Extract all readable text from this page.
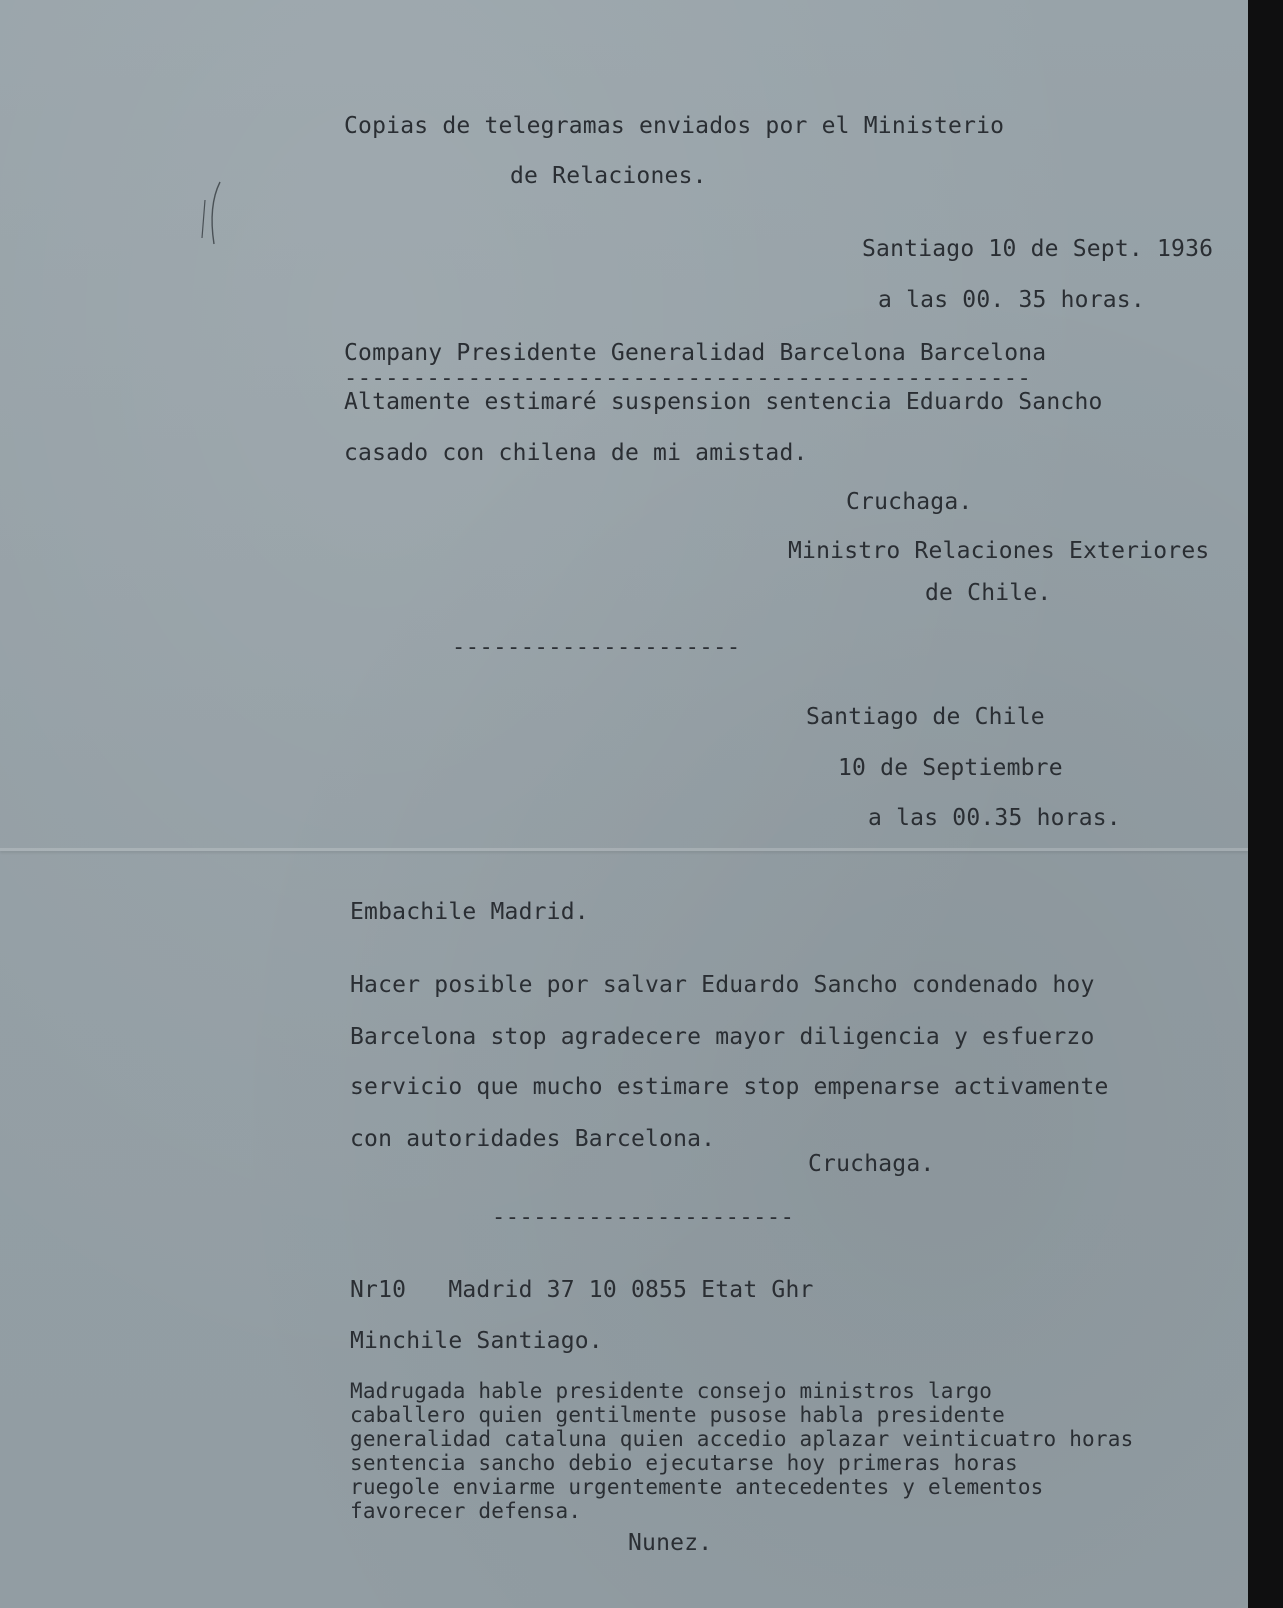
Copias de telegramas enviados por el Ministerio
de Relaciones.
Santiago 10 de Sept. 1936
a las 00. 35 horas.
Company Presidente Generalidad Barcelona Barcelona
--------------------------------------------------
Altamente estimaré suspension sentencia Eduardo Sancho
casado con chilena de mi amistad.
Cruchaga.
Ministro Relaciones Exteriores
de Chile.
---------------------
Santiago de Chile
10 de Septiembre
a las 00.35 horas.
Embachile Madrid.
Hacer posible por salvar Eduardo Sancho condenado hoy
Barcelona stop agradecere mayor diligencia y esfuerzo
servicio que mucho estimare stop empenarse activamente
con autoridades Barcelona.
Cruchaga.
----------------------
Nr10   Madrid 37 10 0855 Etat Ghr
Minchile Santiago.
Madrugada hable presidente consejo ministros largo
caballero quien gentilmente pusose habla presidente
generalidad cataluna quien accedio aplazar veinticuatro horas
sentencia sancho debio ejecutarse hoy primeras horas
ruegole enviarme urgentemente antecedentes y elementos
favorecer defensa.
Nunez.
